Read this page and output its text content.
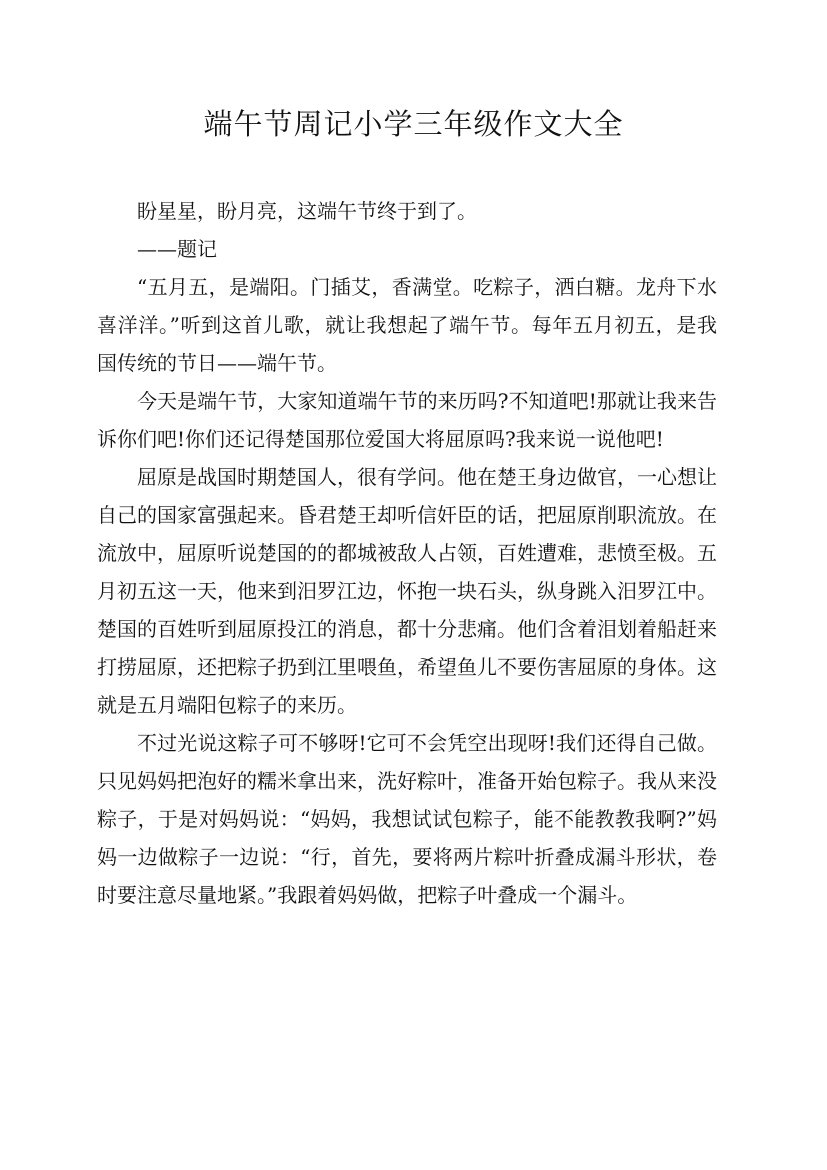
端午节周记小学三年级作文大全

盼星星，盼月亮，这端午节终于到了。

——题记

“五月五，是端阳。门插艾，香满堂。吃粽子，洒白糖。龙舟下水喜洋洋。”听到这首儿歌，就让我想起了端午节。每年五月初五，是我国传统的节日——端午节。

今天是端午节，大家知道端午节的来历吗?不知道吧!那就让我来告诉你们吧!你们还记得楚国那位爱国大将屈原吗?我来说一说他吧!

屈原是战国时期楚国人，很有学问。他在楚王身边做官，一心想让自己的国家富强起来。昏君楚王却听信奸臣的话，把屈原削职流放。在流放中，屈原听说楚国的的都城被敌人占领，百姓遭难，悲愤至极。五月初五这一天，他来到汨罗江边，怀抱一块石头，纵身跳入汨罗江中。楚国的百姓听到屈原投江的消息，都十分悲痛。他们含着泪划着船赶来打捞屈原，还把粽子扔到江里喂鱼，希望鱼儿不要伤害屈原的身体。这就是五月端阳包粽子的来历。

不过光说这粽子可不够呀!它可不会凭空出现呀!我们还得自己做。只见妈妈把泡好的糯米拿出来，洗好粽叶，准备开始包粽子。我从来没粽子，于是对妈妈说：“妈妈，我想试试包粽子，能不能教教我啊?”妈妈一边做粽子一边说：“行，首先，要将两片粽叶折叠成漏斗形状，卷时要注意尽量地紧。”我跟着妈妈做，把粽子叶叠成一个漏斗。
